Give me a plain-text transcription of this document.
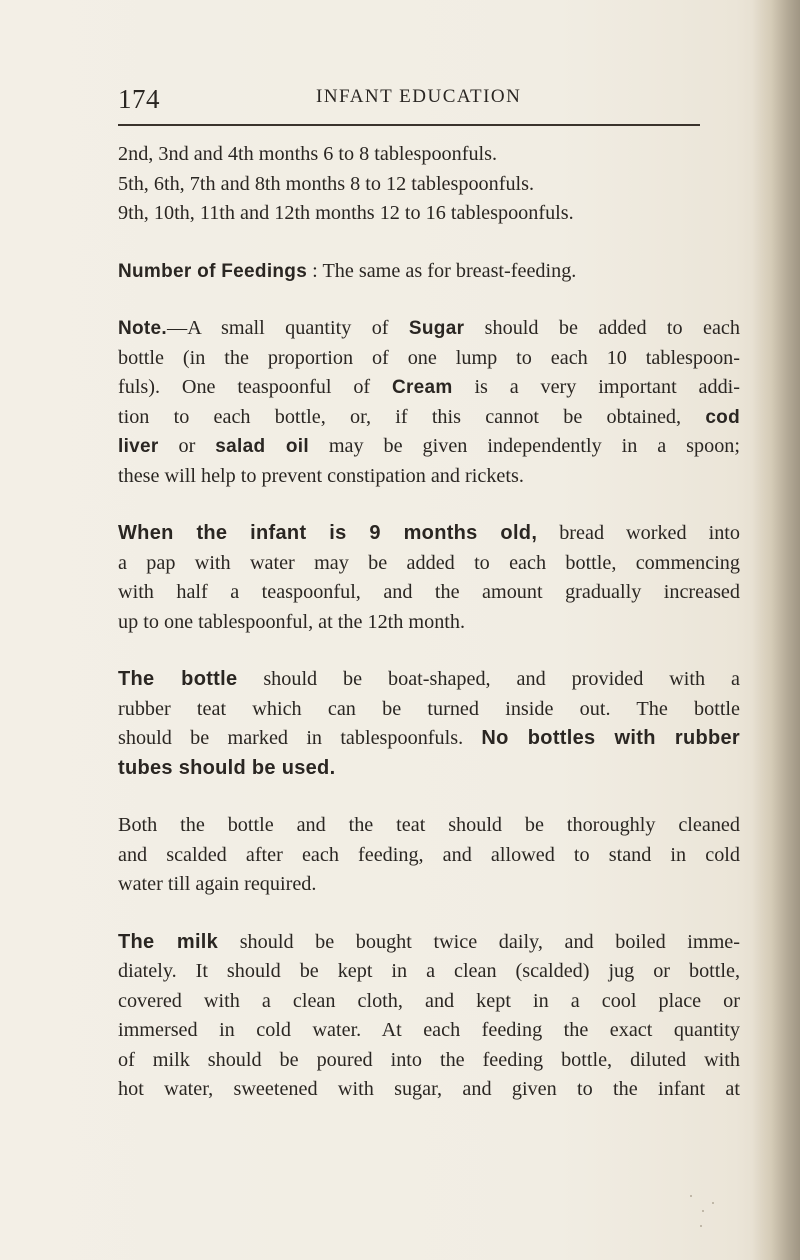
174	INFANT EDUCATION
2nd, 3nd and 4th months 6 to 8 tablespoonfuls.
5th, 6th, 7th and 8th months 8 to 12 tablespoonfuls.
9th, 10th, 11th and 12th months 12 to 16 tablespoonfuls.
Number of Feedings : The same as for breast-feeding.
Note.—A small quantity of Sugar should be added to each
bottle (in the proportion of one lump to each 10 tablespoon-
fuls). One teaspoonful of Cream is a very important addi-
tion to each bottle, or, if this cannot be obtained, cod
liver or salad oil may be given independently in a spoon;
these will help to prevent constipation and rickets.
When the infant is 9 months old, bread worked into
a pap with water may be added to each bottle, commencing
with half a teaspoonful, and the amount gradually increased
up to one tablespoonful, at the 12th month.
The bottle should be boat-shaped, and provided with a
rubber teat which can be turned inside out. The bottle
should be marked in tablespoonfuls. No bottles with rubber
tubes should be used.
Both the bottle and the teat should be thoroughly cleaned
and scalded after each feeding, and allowed to stand in cold
water till again required.
The milk should be bought twice daily, and boiled imme-
diately. It should be kept in a clean (scalded) jug or bottle,
covered with a clean cloth, and kept in a cool place or
immersed in cold water. At each feeding the exact quantity
of milk should be poured into the feeding bottle, diluted with
hot water, sweetened with sugar, and given to the infant at
